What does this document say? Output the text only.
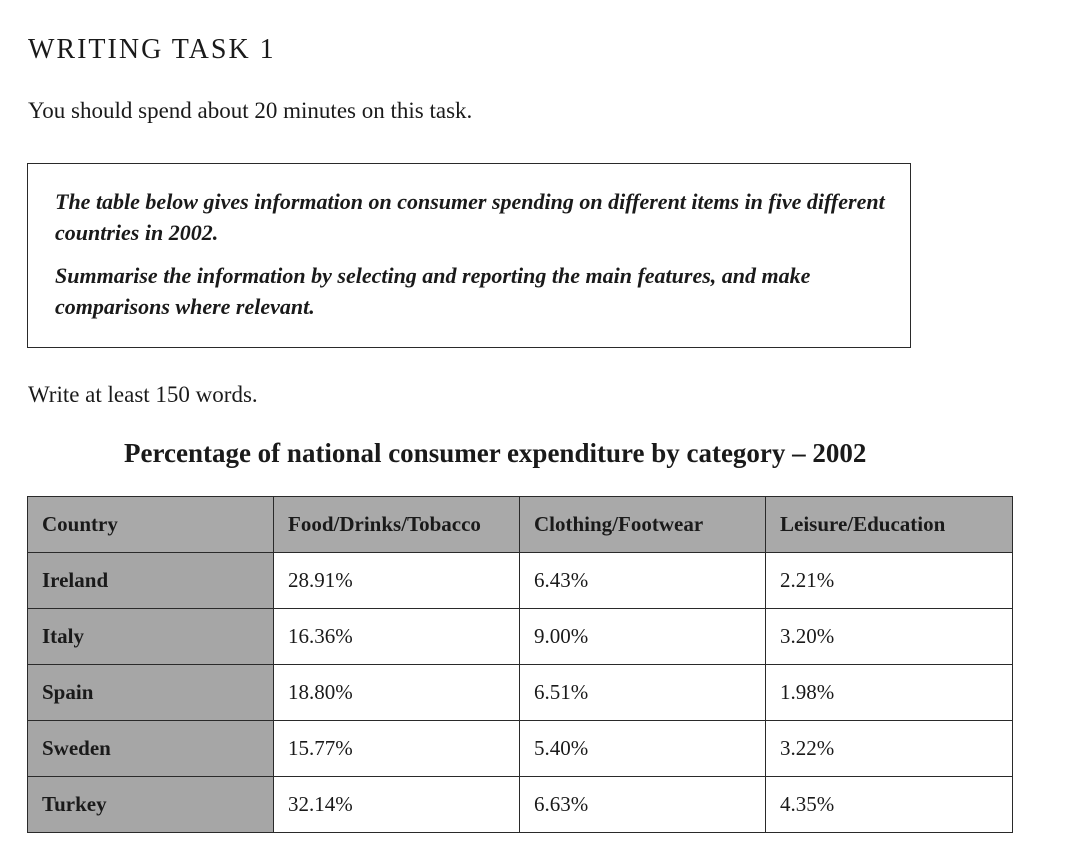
WRITING TASK 1
You should spend about 20 minutes on this task.
The table below gives information on consumer spending on different items in five different countries in 2002.
Summarise the information by selecting and reporting the main features, and make comparisons where relevant.
Write at least 150 words.
Percentage of national consumer expenditure by category – 2002
Country	Food/Drinks/Tobacco	Clothing/Footwear	Leisure/Education
Ireland	28.91%	6.43%	2.21%
Italy	16.36%	9.00%	3.20%
Spain	18.80%	6.51%	1.98%
Sweden	15.77%	5.40%	3.22%
Turkey	32.14%	6.63%	4.35%
